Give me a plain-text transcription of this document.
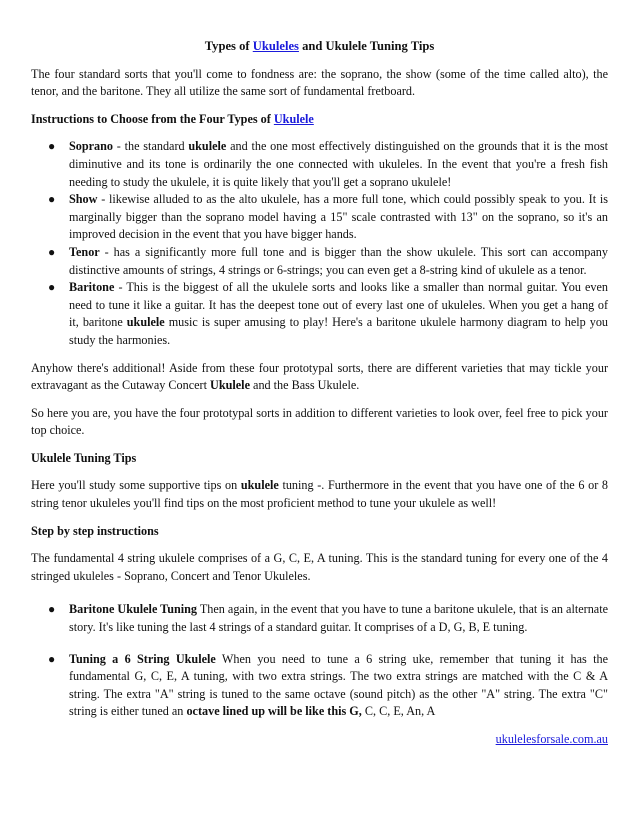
Types of Ukuleles and Ukulele Tuning Tips

The four standard sorts that you'll come to fondness are: the soprano, the show (some of the time called alto), the tenor, and the baritone. They all utilize the same sort of fundamental fretboard.

Instructions to Choose from the Four Types of Ukulele
● Soprano - the standard ukulele and the one most effectively distinguished on the grounds that it is the most diminutive and its tone is ordinarily the one connected with ukuleles. In the event that you're a fresh fish needing to study the ukulele, it is quite likely that you'll get a soprano ukulele!
● Show - likewise alluded to as the alto ukulele, has a more full tone, which could possibly speak to you. It is marginally bigger than the soprano model having a 15" scale contrasted with 13" on the soprano, so it's an improved decision in the event that you have bigger hands.
● Tenor - has a significantly more full tone and is bigger than the show ukulele. This sort can accompany distinctive amounts of strings, 4 strings or 6-strings; you can even get a 8-string kind of ukulele as a tenor.
● Baritone - This is the biggest of all the ukulele sorts and looks like a smaller than normal guitar. You even need to tune it like a guitar. It has the deepest tone out of every last one of ukuleles. When you get a hang of it, baritone ukulele music is super amusing to play! Here's a baritone ukulele harmony diagram to help you study the harmonies.

Anyhow there's additional! Aside from these four prototypal sorts, there are different varieties that may tickle your extravagant as the Cutaway Concert Ukulele and the Bass Ukulele.

So here you are, you have the four prototypal sorts in addition to different varieties to look over, feel free to pick your top choice.

Ukulele Tuning Tips

Here you'll study some supportive tips on ukulele tuning -. Furthermore in the event that you have one of the 6 or 8 string tenor ukuleles you'll find tips on the most proficient method to tune your ukulele as well!

Step by step instructions

The fundamental 4 string ukulele comprises of a G, C, E, A tuning. This is the standard tuning for every one of the 4 stringed ukuleles - Soprano, Concert and Tenor Ukuleles.

● Baritone Ukulele Tuning Then again, in the event that you have to tune a baritone ukulele, that is an alternate story. It's like tuning the last 4 strings of a standard guitar. It comprises of a D, G, B, E tuning.
● Tuning a 6 String Ukulele When you need to tune a 6 string uke, remember that tuning it has the fundamental G, C, E, A tuning, with two extra strings. The two extra strings are matched with the C & A string. The extra "A" string is tuned to the same octave (sound pitch) as the other "A" string. The extra "C" string is either tuned an octave lined up will be like this G, C, C, E, An, A
ukulelesforsale.com.au
